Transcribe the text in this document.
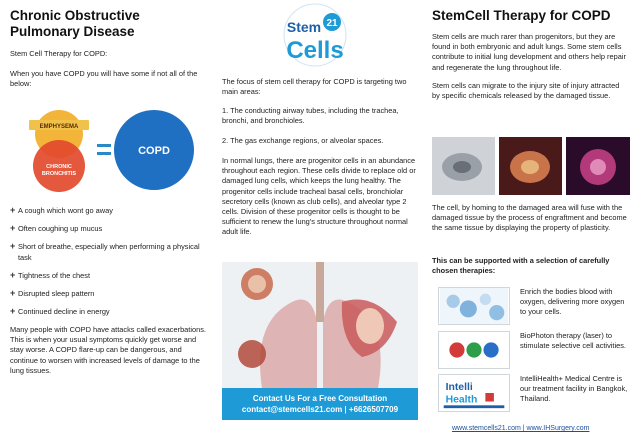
Chronic Obstructive
Pulmonary Disease

Stem Cell Therapy for COPD:

When you have COPD you will have some if not all of the below:

EMPHYSEMA
CHRONIC
BRONCHITIS
COPD
+ A cough which wont go away
+ Often coughing up mucus
+ Short of breathe, especially when performing a physical task
+ Tightness of the chest
+ Disrupted sleep pattern
+ Continued decline in energy

Many people with COPD have attacks called exacerbations. This is when your usual symptoms quickly get worse and stay worse. A COPD flare-up can be dangerous, and continue to worsen with increased levels of damage to the lung tissues.

Stem 21
Cells

The focus of stem cell therapy for COPD is targeting two main areas:

1. The conducting airway tubes, including the trachea, bronchi, and bronchioles.

2. The gas exchange regions, or alveolar spaces.

In normal lungs, there are progenitor cells in an abundance throughout each region. These cells divide to replace old or damaged lung cells, which keeps the lung healthy. The progenitor cells include tracheal basal cells, bronchiolar secretory cells (known as club cells), and alveolar type 2 cells. Division of these progenitor cells is thought to be sufficient to renew the lung's structure throughout normal adult life.

Contact Us For a Free Consultation
contact@stemcells21.com | +6626507709
StemCell Therapy for COPD

Stem cells are much rarer than progenitors, but they are found in both embryonic and adult lungs. Some stem cells contribute to initial lung development and others help repair and regenerate the lung throughout life.

Stem cells can migrate to the injury site of injury attracted by specific chemicals released by the damaged tissue.

The cell, by homing to the damaged area will fuse with the damaged tissue by the process of engraftment and become the same tissue by displaying the property of plasticity.

This can be supported with a selection of carefully chosen therapies:

Enrich the bodies blood with oxygen, delivering more oxygen to your cells.
BioPhoton therapy (laser) to stimulate selective cell activities.
Intelli
Health
IntelliHealth+ Medical Centre is our treatment facility in Bangkok, Thailand.
www.stemcells21.com | www.IHSurgery.com
